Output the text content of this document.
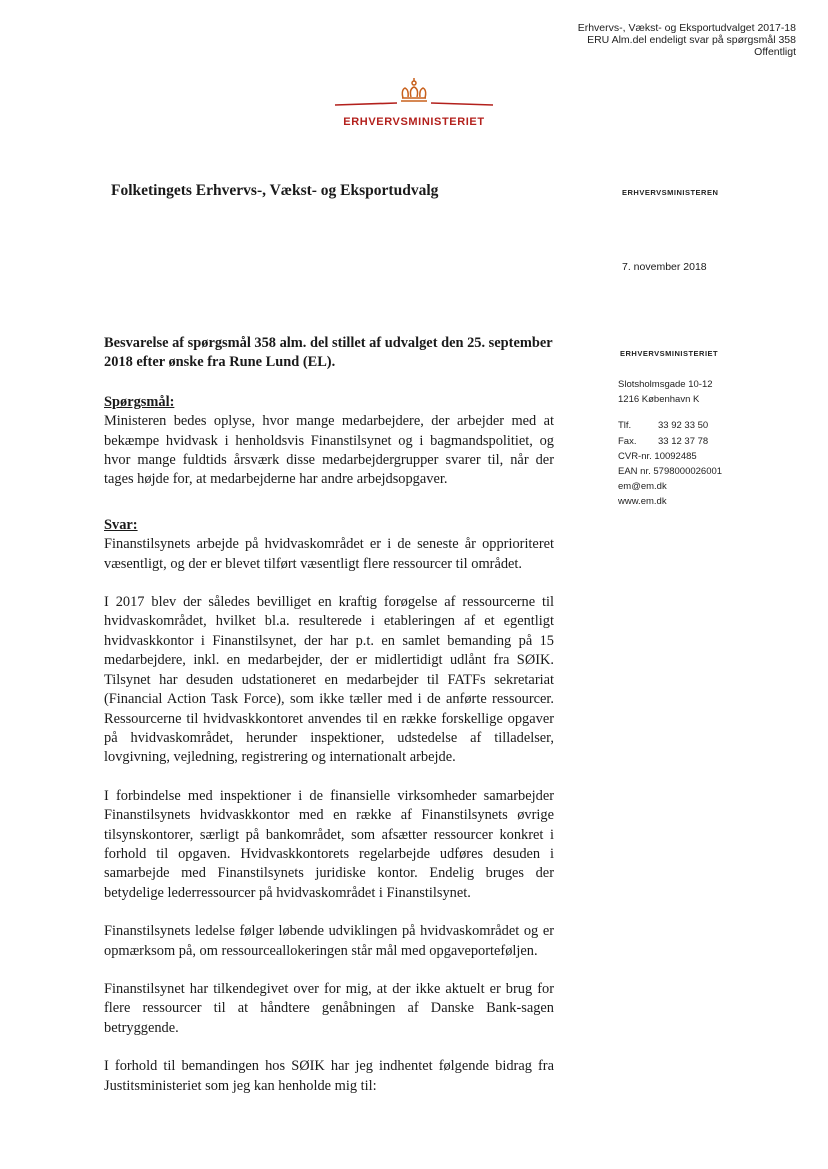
Erhvervs-, Vækst- og Eksportudvalget 2017-18
ERU Alm.del endeligt svar på spørgsmål 358
Offentligt
ERHVERVSMINISTERIET
Folketingets Erhvervs-, Vækst- og Eksportudvalg	ERHVERVSMINISTEREN
7. november 2018
ERHVERVSMINISTERIET
Slotsholmsgade 10-12
1216 København K
Tlf.	33 92 33 50
Fax. 33 12 37 78
CVR-nr. 10092485
EAN nr. 5798000026001
em@em.dk
www.em.dk
Besvarelse af spørgsmål 358 alm. del stillet af udvalget den 25. september 2018 efter ønske fra Rune Lund (EL).
Spørgsmål:

Ministeren bedes oplyse, hvor mange medarbejdere, der arbejder med at bekæmpe hvidvask i henholdsvis Finanstilsynet og i bagmandspolitiet, og hvor mange fuldtids årsværk disse medarbejdergrupper svarer til, når der tages højde for, at medarbejderne har andre arbejdsopgaver.

Svar:

Finanstilsynets arbejde på hvidvaskområdet er i de seneste år opprioriteret væsentligt, og der er blevet tilført væsentligt flere ressourcer til området.

I 2017 blev der således bevilliget en kraftig forøgelse af ressourcerne til hvidvaskområdet, hvilket bl.a. resulterede i etableringen af et egentligt hvidvaskkontor i Finanstilsynet, der har p.t. en samlet bemanding på 15 medarbejdere, inkl. en medarbejder, der er midlertidigt udlånt fra SØIK. Tilsynet har desuden udstationeret en medarbejder til FATFs sekretariat (Financial Action Task Force), som ikke tæller med i de anførte ressourcer. Ressourcerne til hvidvaskkontoret anvendes til en række forskellige opgaver på hvidvaskområdet, herunder inspektioner, udstedelse af tilladelser, lovgivning, vejledning, registrering og internationalt arbejde.

I forbindelse med inspektioner i de finansielle virksomheder samarbejder Finanstilsynets hvidvaskkontor med en række af Finanstilsynets øvrige tilsynskontorer, særligt på bankområdet, som afsætter ressourcer konkret i forhold til opgaven. Hvidvaskkontorets regelarbejde udføres desuden i samarbejde med Finanstilsynets juridiske kontor. Endelig bruges der betydelige lederressourcer på hvidvaskområdet i Finanstilsynet.

Finanstilsynets ledelse følger løbende udviklingen på hvidvaskområdet og er opmærksom på, om ressourceallokeringen står mål med opgaveporteføljen.

Finanstilsynet har tilkendegivet over for mig, at der ikke aktuelt er brug for flere ressourcer til at håndtere genåbningen af Danske Bank-sagen betryggende.

I forhold til bemandingen hos SØIK har jeg indhentet følgende bidrag fra Justitsministeriet som jeg kan henholde mig til:
